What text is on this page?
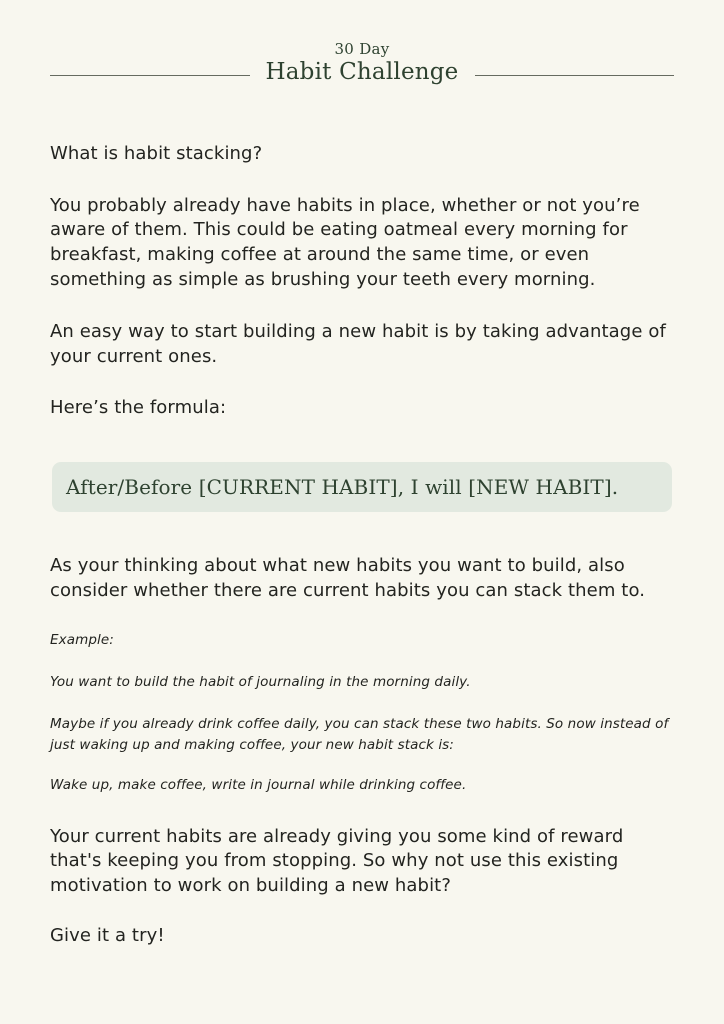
30 Day
Habit Challenge
What is habit stacking?
You probably already have habits in place, whether or not you’re aware of them. This could be eating oatmeal every morning for breakfast, making coffee at around the same time, or even something as simple as brushing your teeth every morning.
An easy way to start building a new habit is by taking advantage of your current ones.
Here’s the formula:
After/Before [CURRENT HABIT], I will [NEW HABIT].
As your thinking about what new habits you want to build, also consider whether there are current habits you can stack them to.
Example:
You want to build the habit of journaling in the morning daily.
Maybe if you already drink coffee daily, you can stack these two habits. So now instead of just waking up and making coffee, your new habit stack is:
Wake up, make coffee, write in journal while drinking coffee.
Your current habits are already giving you some kind of reward that's keeping you from stopping. So why not use this existing motivation to work on building a new habit?
Give it a try!
